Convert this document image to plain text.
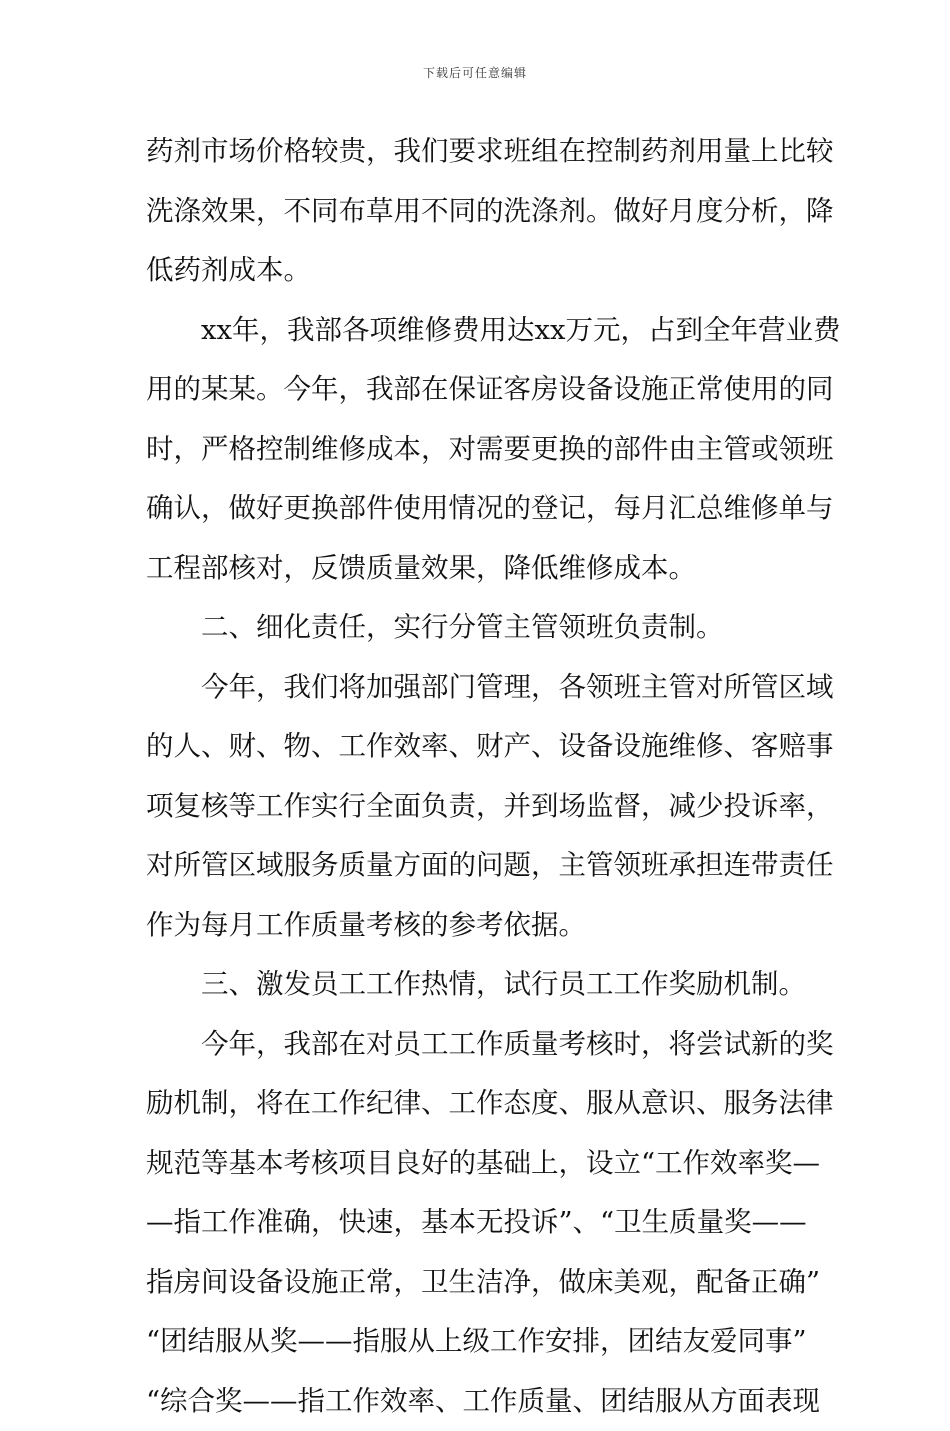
下载后可任意编辑
药剂市场价格较贵，我们要求班组在控制药剂用量上比较
洗涤效果，不同布草用不同的洗涤剂。做好月度分析，降
低药剂成本。
xx年，我部各项维修费用达xx万元，占到全年营业费
用的某某。今年，我部在保证客房设备设施正常使用的同
时，严格控制维修成本，对需要更换的部件由主管或领班
确认，做好更换部件使用情况的登记，每月汇总维修单与
工程部核对，反馈质量效果，降低维修成本。
二、细化责任，实行分管主管领班负责制。
今年，我们将加强部门管理，各领班主管对所管区域
的人、财、物、工作效率、财产、设备设施维修、客赔事
项复核等工作实行全面负责，并到场监督，减少投诉率，
对所管区域服务质量方面的问题，主管领班承担连带责任
作为每月工作质量考核的参考依据。
三、激发员工工作热情，试行员工工作奖励机制。
今年，我部在对员工工作质量考核时，将尝试新的奖
励机制，将在工作纪律、工作态度、服从意识、服务法律
规范等基本考核项目良好的基础上，设立“工作效率奖—
—指工作准确，快速，基本无投诉”、“卫生质量奖——
指房间设备设施正常，卫生洁净，做床美观，配备正确”
“团结服从奖——指服从上级工作安排，团结友爱同事”
“综合奖——指工作效率、工作质量、团结服从方面表现
